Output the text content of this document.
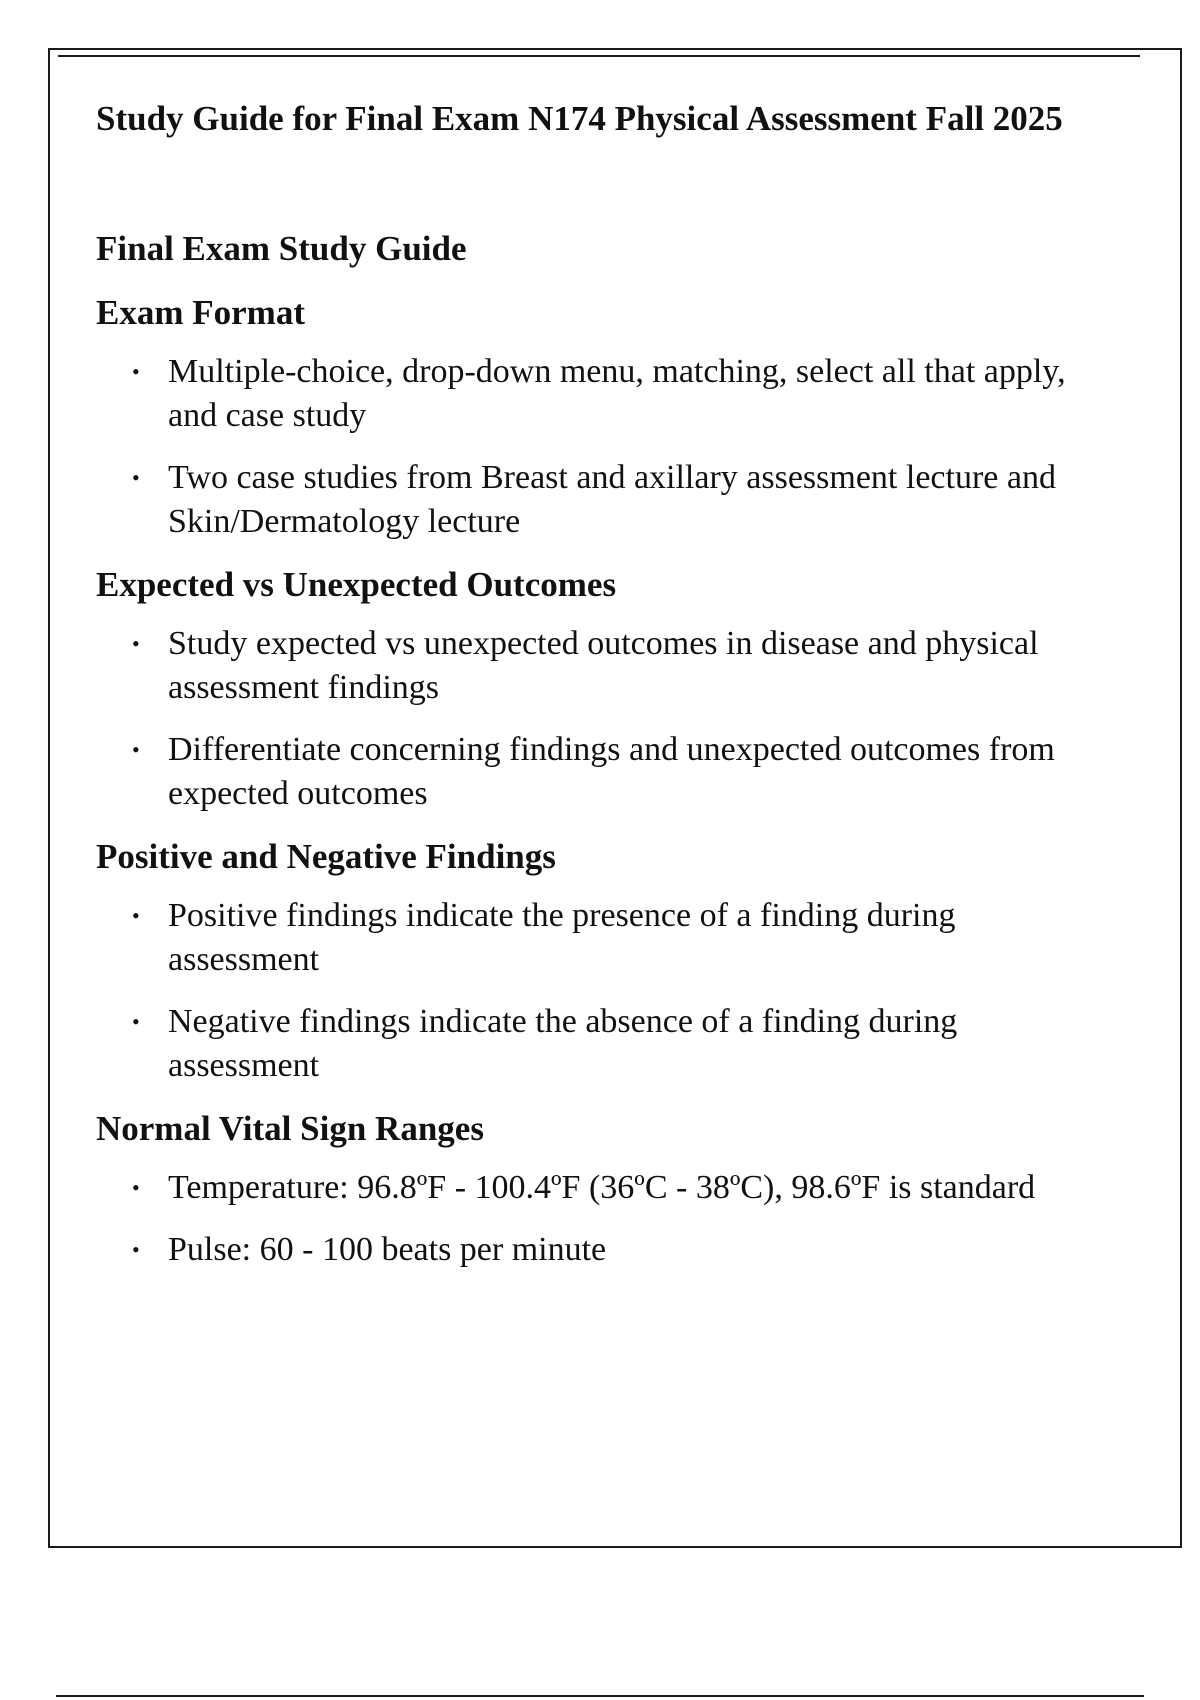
Study Guide for Final Exam N174 Physical Assessment Fall 2025
Final Exam Study Guide
Exam Format
• Multiple-choice, drop-down menu, matching, select all that apply, and case study
• Two case studies from Breast and axillary assessment lecture and Skin/Dermatology lecture
Expected vs Unexpected Outcomes
• Study expected vs unexpected outcomes in disease and physical assessment findings
• Differentiate concerning findings and unexpected outcomes from expected outcomes
Positive and Negative Findings
• Positive findings indicate the presence of a finding during assessment
• Negative findings indicate the absence of a finding during assessment
Normal Vital Sign Ranges
• Temperature: 96.8ºF - 100.4ºF (36ºC - 38ºC), 98.6ºF is standard
• Pulse: 60 - 100 beats per minute
